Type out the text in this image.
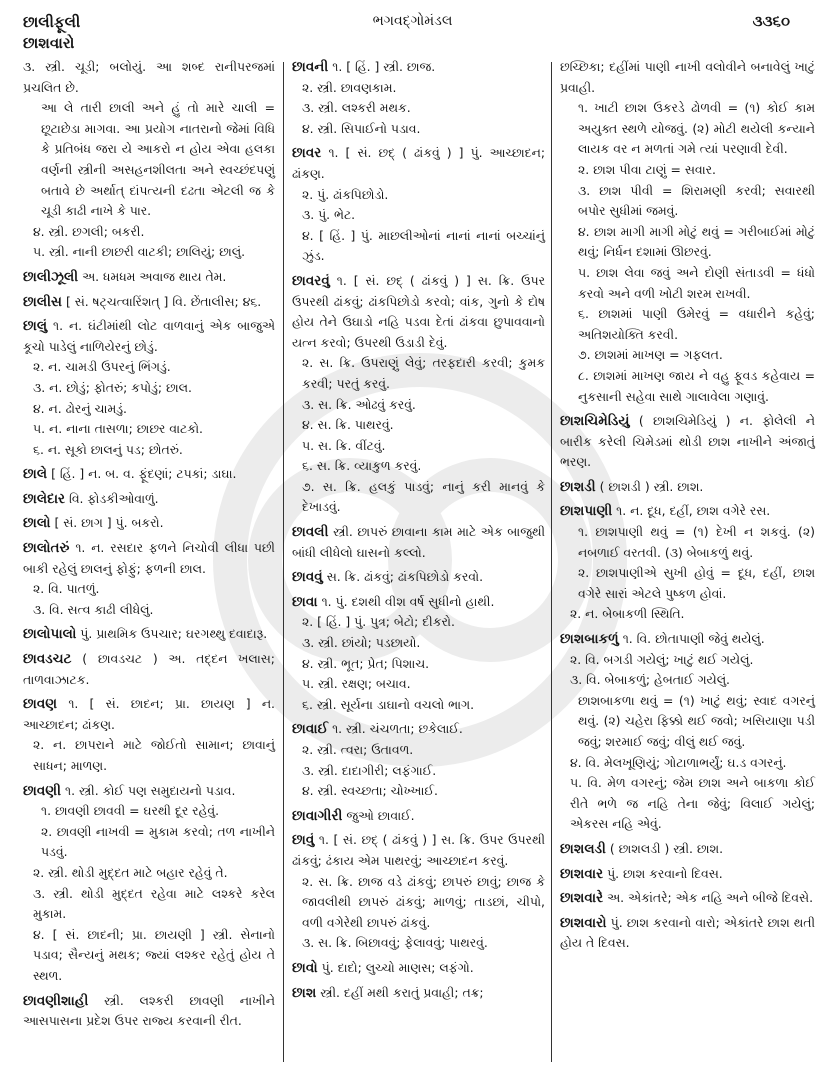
છાલીફૂલી
છાશવારો
ભગવદ્ગોમંડલ	૩૩૬૦
૩. સ્ત્રી. ચૂડી; બલોયું. આ શબ્દ રાનીપરજમાં પ્રચલિત છે.
આ લે તારી છાલી અને હું તો મારે ચાલી = છૂટાછેડા માગવા. આ પ્રયોગ નાતરાનો જેમાં વિધિ કે પ્રતિબંધ જરા યે આકરો ન હોય એવા હલકા વર્ણની સ્ત્રીની અસહનશીલતા અને સ્વચ્છંદપણું બતાવે છે અર્થાત્ દાંપત્યની દઢતા એટલી જ કે ચૂડી કાઢી નાખે કે પાર.
૪. સ્ત્રી. છગલી; બકરી.
૫. સ્ત્રી. નાની છાછરી વાટકી; છાલિયું; છાલું.
છાલીઝૂલી અ. ધમધમ અવાજ થાય તેમ.
છાલીસ [ સં. ષટ્ચત્વારિંશત્ ] વિ. છેંતાલીસ; ૪૬.
છાલું ૧. ન. ઘંટીમાંથી લોટ વાળવાનું એક બાજુએ કૂચો પાડેલું નાળિયેરનું છોડું.
૨. ન. ચામડી ઉપરનું ભિંગડું.
૩. ન. છોડું; ફોતરું; કપોડું; છાલ.
૪. ન. ઢોરનું ચામડું.
૫. ન. નાના તાસળા; છાછર વાટકો.
૬. ન. સૂકો છાલનું પડ; છોતરું.
છાલે [ હિં. ] ન. બ. વ. ફૂંદણાં; ટપકાં; ડાઘા.
છાલેદાર વિ. ફોડકીઓવાળું.
છાલો [ સં. છાગ ] પું. બકરો.
છાલોતરું ૧. ન. રસદાર ફળને નિચોવી લીધા પછી બાકી રહેલું છાલનું ફોફું; ફળની છાલ.
૨. વિ. પાતળું.
૩. વિ. સત્વ કાઢી લીધેલું.
છાલોપાલો પું. પ્રાથમિક ઉપચાર; ઘરગથ્થુ દવાદારૂ.
છાવડચટ ( છાવડચટ ) અ. તદ્દન ખલાસ; તાળવાઝાટક.
છાવણ ૧. [ સં. છાદન; પ્રા. છાયણ ] ન. આચ્છાદન; ઢાંકણ.
૨. ન. છાપરાને માટે જોઈતો સામાન; છાવાનું સાધન; માળણ.
છાવણી ૧. સ્ત્રી. કોઈ પણ સમુદાયનો પડાવ.
૧. છાવણી છાવવી = ઘરથી દૂર રહેવું.
૨. છાવણી નાખવી = મુકામ કરવો; તળ નાખીને પડવું.
૨. સ્ત્રી. થોડી મુદ્દત માટે બહાર રહેવું તે.
૩. સ્ત્રી. થોડી મુદ્દત રહેવા માટે લશ્કરે કરેલ મુકામ.
૪. [ સં. છાદની; પ્રા. છાયણી ] સ્ત્રી. સેનાનો પડાવ; સૈન્યનું મથક; જ્યાં લશ્કર રહેતું હોય તે સ્થળ.
છાવણીશાહી સ્ત્રી. લશ્કરી છાવણી નાખીને આસપાસના પ્રદેશ ઉપર રાજ્ય કરવાની રીત.
છાવની ૧. [ હિં. ] સ્ત્રી. છાજ.
૨. સ્ત્રી. છાવણકામ.
૩. સ્ત્રી. લશ્કરી મથક.
૪. સ્ત્રી. સિપાઈનો પડાવ.
છાવર ૧. [ સં. છદ્ ( ઢાંકવું ) ] પું. આચ્છાદન; ઢાંકણ.
૨. પું. ઢાંકપિછોડો.
૩. પું. ભેટ.
૪. [ હિં. ] પું. માછલીઓનાં નાનાં નાનાં બચ્ચાંનું ઝુંડ.
છાવરવું ૧. [ સં. છદ્ ( ઢાંકવું ) ] સ. ક્રિ. ઉપર ઉપરથી ઢાંકવું; ઢાંકપિછોડો કરવો; વાંક, ગુનો કે દોષ હોય તેને ઉઘાડો નહિ પડવા દેતાં ઢાંકવા છુપાવવાનો યત્ન કરવો; ઉપરથી ઉડાડી દેવું.
૨. સ. ક્રિ. ઉપરાણું લેવું; તરફદારી કરવી; કુમક કરવી; પરતું કરવું.
૩. સ. ક્રિ. ઓઢવું કરવું.
૪. સ. ક્રિ. પાથરવું.
૫. સ. ક્રિ. વીંટવું.
૬. સ. ક્રિ. વ્યાકુળ કરવું.
૭. સ. ક્રિ. હલકું પાડવું; નાનું કરી માનવું કે દેખાડવું.
છાવલી સ્ત્રી. છાપરું છાવાના કામ માટે એક બાજુથી બાંધી લીધેલો ઘાસનો કલ્લો.
છાવવું સ. ક્રિ. ઢાંકવું; ઢાંકપિછોડો કરવો.
છાવા ૧. પું. દશથી વીશ વર્ષ સુધીનો હાથી.
૨. [ હિં. ] પું. પુત્ર; બેટો; દીકરો.
૩. સ્ત્રી. છાંયો; પડછાયો.
૪. સ્ત્રી. ભૂત; પ્રેત; પિશાચ.
૫. સ્ત્રી. રક્ષણ; બચાવ.
૬. સ્ત્રી. સૂર્યના ડાઘાનો વચલો ભાગ.
છાવાઈ ૧. સ્ત્રી. ચંચળતા; છકેલાઈ.
૨. સ્ત્રી. ત્વરા; ઉતાવળ.
૩. સ્ત્રી. દાદાગીરી; લફંગાઈ.
૪. સ્ત્રી. સ્વચ્છતા; ચોખ્ખાઈ.
છાવાગીરી જુઓ છાવાઈ.
છાવું ૧. [ સં. છદ્ ( ઢાંકવું ) ] સ. ક્રિ. ઉપર ઉપરથી ઢાંકવું; ઢંકાય એમ પાથરવું; આચ્છાદન કરવું.
૨. સ. ક્રિ. છાજ વડે ઢાંકવું; છાપરું છાવું; છાજ કે જાવલીથી છાપરું ઢાંકવું; માળવું; તાડછાં, ચીપો, વળી વગેરેથી છાપરું ઢાંકવું.
૩. સ. ક્રિ. બિછાવવું; ફેલાવવું; પાથરવું.
છાવો પું. દાદો; લુચ્ચો માણસ; લફંગો.
છાશ સ્ત્રી. દહીં મથી કરાતું પ્રવાહી; તક્ર;
છચ્છિકા; દહીંમાં પાણી નાખી વલોવીને બનાવેલું ખાટું પ્રવાહી.
૧. ખાટી છાશ ઉકરડે ઢોળવી = (૧) કોઈ કામ અયુક્ત સ્થળે યોજવું. (૨) મોટી થયેલી કન્યાને લાયક વર ન મળતાં ગમે ત્યાં પરણાવી દેવી.
૨. છાશ પીવા ટાણું = સવાર.
૩. છાશ પીવી = શિરામણી કરવી; સવારથી બપોર સુધીમાં જમવું.
૪. છાશ માગી માગી મોટું થવું = ગરીબાઈમાં મોટું થવું; નિર્ધન દશામાં ઊછરવું.
૫. છાશ લેવા જવું અને દોણી સંતાડવી = ધંધો કરવો અને વળી ખોટી શરમ રાખવી.
૬. છાશમાં પાણી ઉમેરવું = વધારીને કહેવું; અતિશયોક્તિ કરવી.
૭. છાશમાં માખણ = ગફલત.
૮. છાશમાં માખણ જાય ને વહુ ફૂવડ કહેવાય = નુકસાની સહેવા સાથે ગાલાવેલા ગણાવું.
છાશચિમેડિયું ( છાશચિમેડિયું ) ન. ફોલેલી ને બારીક કરેલી ચિમેડમાં થોડી છાશ નાખીને અંજાતું ભરણ.
છાશડી ( છાશડી ) સ્ત્રી. છાશ.
છાશપાણી ૧. ન. દૂધ, દહીં, છાશ વગેરે રસ.
૧. છાશપાણી થવું = (૧) દેખી ન શકવું. (૨) નબળાઈ વરતવી. (૩) બેબાકળું થવું.
૨. છાશપાણીએ સુખી હોવું = દૂધ, દહીં, છાશ વગેરે સારાં એટલે પુષ્કળ હોવાં.
૨. ન. બેબાકળી સ્થિતિ.
છાશબાકળું ૧. વિ. છોતાપાણી જેવું થયેલું.
૨. વિ. બગડી ગયેલું; ખાટું થઈ ગયેલું.
૩. વિ. બેબાકળું; હેબતાઈ ગયેલું.
છાશબાકળા થવું = (૧) ખાટું થવું; સ્વાદ વગરનું થવું. (૨) ચહેરા ફિક્કો થઈ જવો; ખસિયાણા પડી જવું; શરમાઈ જવું; વીલું થઈ જવું.
૪. વિ. મેલખૂણિયું; ગોટાળાભર્યું; ઘ.ડ વગરનું.
૫. વિ. મેળ વગરનું; જેમ છાશ અને બાકળા કોઈ રીતે ભળે જ નહિ તેના જેવું; વિલાઈ ગયેલું; એકરસ નહિ એવું.
છાશલડી ( છાશલડી ) સ્ત્રી. છાશ.
છાશવાર પું. છાશ કરવાનો દિવસ.
છાશવારે અ. એકાંતરે; એક નહિ અને બીજે દિવસે.
છાશવારો પું. છાશ કરવાનો વારો; એકાંતરે છાશ થતી હોય તે દિવસ.
